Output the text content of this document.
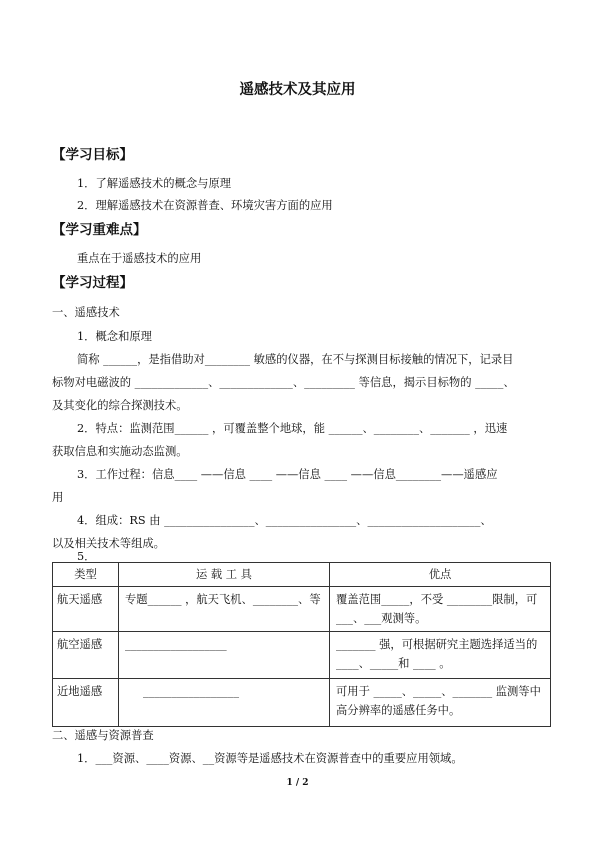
遥感技术及其应用
【学习目标】
1．了解遥感技术的概念与原理
2．理解遥感技术在资源普查、环境灾害方面的应用
【学习重难点】
重点在于遥感技术的应用
【学习过程】
一、遥感技术
1．概念和原理
简称 ______，是指借助对________ 敏感的仪器，在不与探测目标接触的情况下，记录目
标物对电磁波的 _____________、_____________、_________ 等信息，揭示目标物的 _____、
及其变化的综合探测技术。
2．特点：监测范围______ ，可覆盖整个地球，能 ______、________、_______ ，迅速
获取信息和实施动态监测。
3．工作过程：信息____ ——信息 ____ ——信息 ____ ——信息________——遥感应
用
4．组成：RS 由 ________________、________________、____________________、
以及相关技术等组成。
5．
类型	运 载 工 具	优点
航天遥感	专题______ ，航天飞机、________、等	覆盖范围_____，不受 ________限制，可___、___观测等。
航空遥感	__________________	_______ 强，可根据研究主题选择适当的____、_____和 ____ 。
近地遥感	_________________	可用于 _____、_____、_______ 监测等中高分辨率的遥感任务中。
二、遥感与资源普查
1．___资源、____资源、__资源等是遥感技术在资源普查中的重要应用领域。
1 / 2
